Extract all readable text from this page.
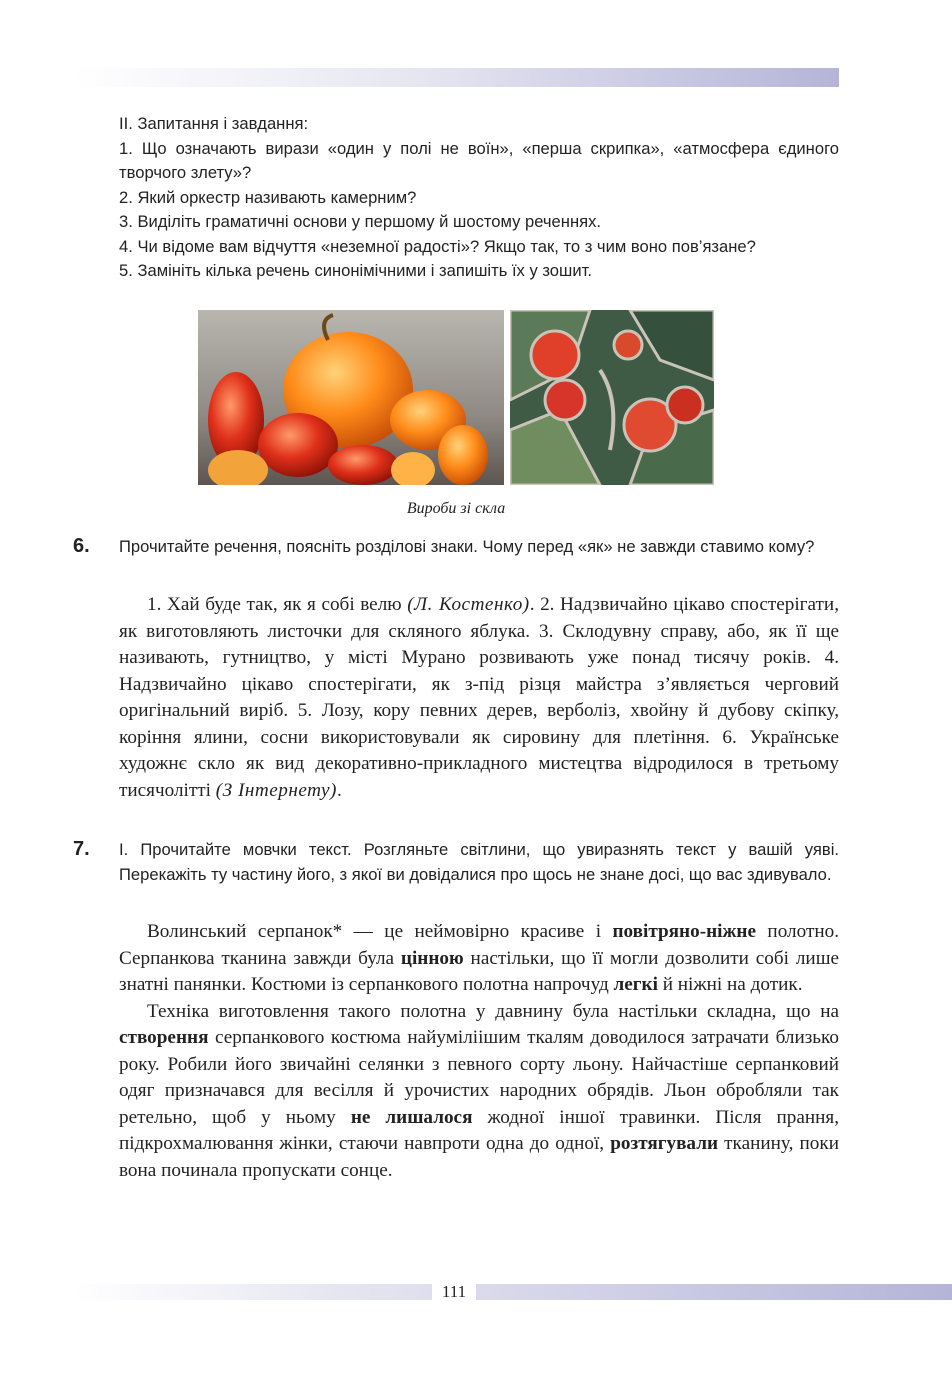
ІІ. Запитання і завдання:

1. Що означають вирази «один у полі не воїн», «перша скрипка», «атмосфера єдиного творчого злету»?

2. Який оркестр називають камерним?

3. Виділіть граматичні основи у першому й шостому реченнях.

4. Чи відоме вам відчуття «неземної радості»? Якщо так, то з чим воно пов’язане?

5. Замініть кілька речень синонімічними і запишіть їх у зошит.

Вироби зі скла
6. Прочитайте речення, поясніть розділові знаки. Чому перед «як» не завжди ставимо кому?

1. Хай буде так, як я собі велю (Л. Костенко). 2. Надзвичайно цікаво спостерігати, як виготовляють листочки для скляного яблука. 3. Склодувну справу, або, як її ще називають, гутництво, у місті Мурано розвивають уже понад тисячу років. 4. Надзвичайно цікаво спостерігати, як з-під різця майстра з’являється черговий оригінальний виріб. 5. Лозу, кору певних дерев, верболіз, хвойну й дубову скіпку, коріння ялини, сосни використовували як сировину для плетіння. 6. Українське художнє скло як вид декоративно-прикладного мистецтва відродилося в третьому тисячолітті (З Інтернету).

7. І. Прочитайте мовчки текст. Розгляньте світлини, що увиразнять текст у вашій уяві. Перекажіть ту частину його, з якої ви довідалися про щось не знане досі, що вас здивувало.

Волинський серпанок* — це неймовірно красиве і повітряно-ніжне полотно. Серпанкова тканина завжди була цінною настільки, що її могли дозволити собі лише знатні панянки. Костюми із серпанкового полотна напрочуд легкі й ніжні на дотик.

Техніка виготовлення такого полотна у давнину була настільки складна, що на створення серпанкового костюма найуміліішим ткалям доводилося затрачати близько року. Робили його звичайні селянки з певного сорту льону. Найчастіше серпанковий одяг призначався для весілля й урочистих народних обрядів. Льон обробляли так ретельно, щоб у ньому не лишалося жодної іншої травинки. Після прання, підкрохмалювання жінки, стаючи навпроти одна до одної, розтягували тканину, поки вона починала пропускати сонце.

111
